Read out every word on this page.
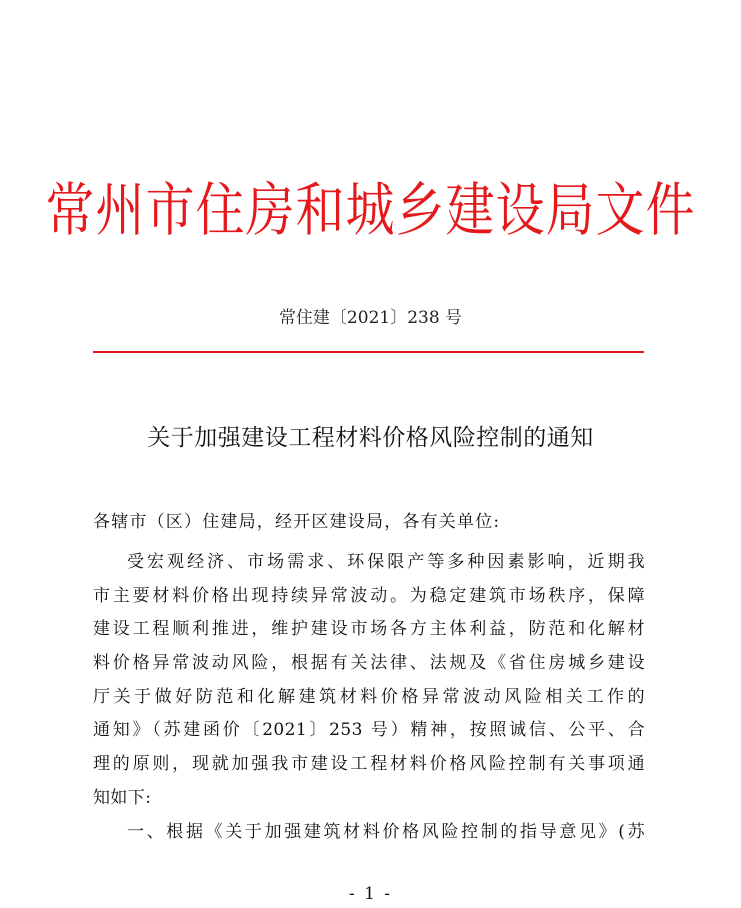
常州市住房和城乡建设局文件
常住建〔2021〕238 号
关于加强建设工程材料价格风险控制的通知
各辖市（区）住建局，经开区建设局，各有关单位:
受宏观经济、市场需求、环保限产等多种因素影响，近期我
市主要材料价格出现持续异常波动。为稳定建筑市场秩序，保障
建设工程顺利推进，维护建设市场各方主体利益，防范和化解材
料价格异常波动风险，根据有关法律、法规及《省住房城乡建设
厅关于做好防范和化解建筑材料价格异常波动风险相关工作的
通知》（苏建函价〔2021〕253 号）精神，按照诚信、公平、合
理的原则，现就加强我市建设工程材料价格风险控制有关事项通
知如下:
一、根据《关于加强建筑材料价格风险控制的指导意见》(苏
- 1 -
